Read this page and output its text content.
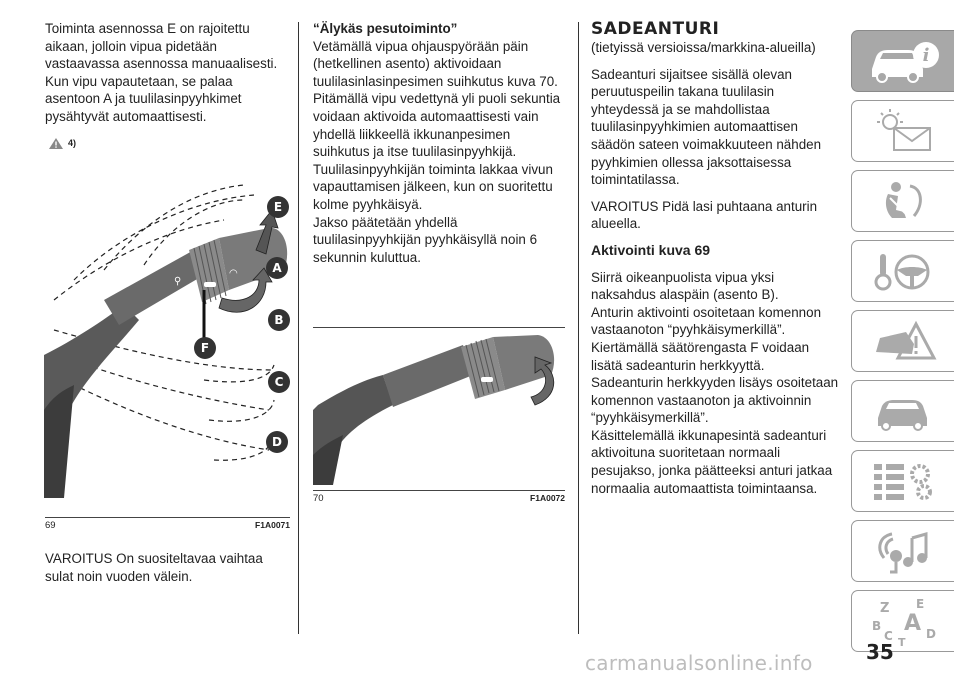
Toiminta asennossa E on rajoitettu aikaan, jolloin vipua pidetään vastaavassa asennossa manuaalisesti. Kun vipu vapautetaan, se palaa asentoon A ja tuulilasinpyyhkimet pysähtyvät automaattisesti.

4)
⚲
◠
E
A
B
F
C
D
69	F1A0071

VAROITUS On suositeltavaa vaihtaa sulat noin vuoden välein.

“Älykäs pesutoiminto”
Vetämällä vipua ohjauspyörään päin (hetkellinen asento) aktivoidaan tuulilasinlasinpesimen suihkutus kuva 70.
Pitämällä vipu vedettynä yli puoli sekuntia voidaan aktivoida automaattisesti vain yhdellä liikkeellä ikkunanpesimen suihkutus ja itse tuulilasinpyyhkijä.
Tuulilasinpyyhkijän toiminta lakkaa vivun vapauttamisen jälkeen, kun on suoritettu kolme pyyhkäisyä.
Jakso päätetään yhdellä tuulilasinpyyhkijän pyyhkäisyllä noin 6 sekunnin kuluttua.
70	F1A0072
SADEANTURI

(tietyissä versioissa/markkina-alueilla)

Sadeanturi sijaitsee sisällä olevan peruutuspeilin takana tuulilasin yhteydessä ja se mahdollistaa tuulilasinpyyhkimien automaattisen säädön sateen voimakkuuteen nähden pyyhkimien ollessa jaksottaisessa toimintatilassa.

VAROITUS Pidä lasi puhtaana anturin alueella.

Aktivointi kuva 69

Siirrä oikeanpuolista vipua yksi naksahdus alaspäin (asento B).
Anturin aktivointi osoitetaan komennon vastaanoton “pyyhkäisymerkillä”.
Kiertämällä säätörengasta F voidaan lisätä sadeanturin herkkyyttä.
Sadeanturin herkkyyden lisäys osoitetaan komennon vastaanoton ja aktivoinnin “pyyhkäisymerkillä”.
Käsittelemällä ikkunapesintä sadeanturi aktivoituna suoritetaan normaali pesujakso, jonka päätteeksi anturi jatkaa normaalia automaattista toimintaansa.
i
Z E
B A
C T
D
35
carmanualsonline.info
